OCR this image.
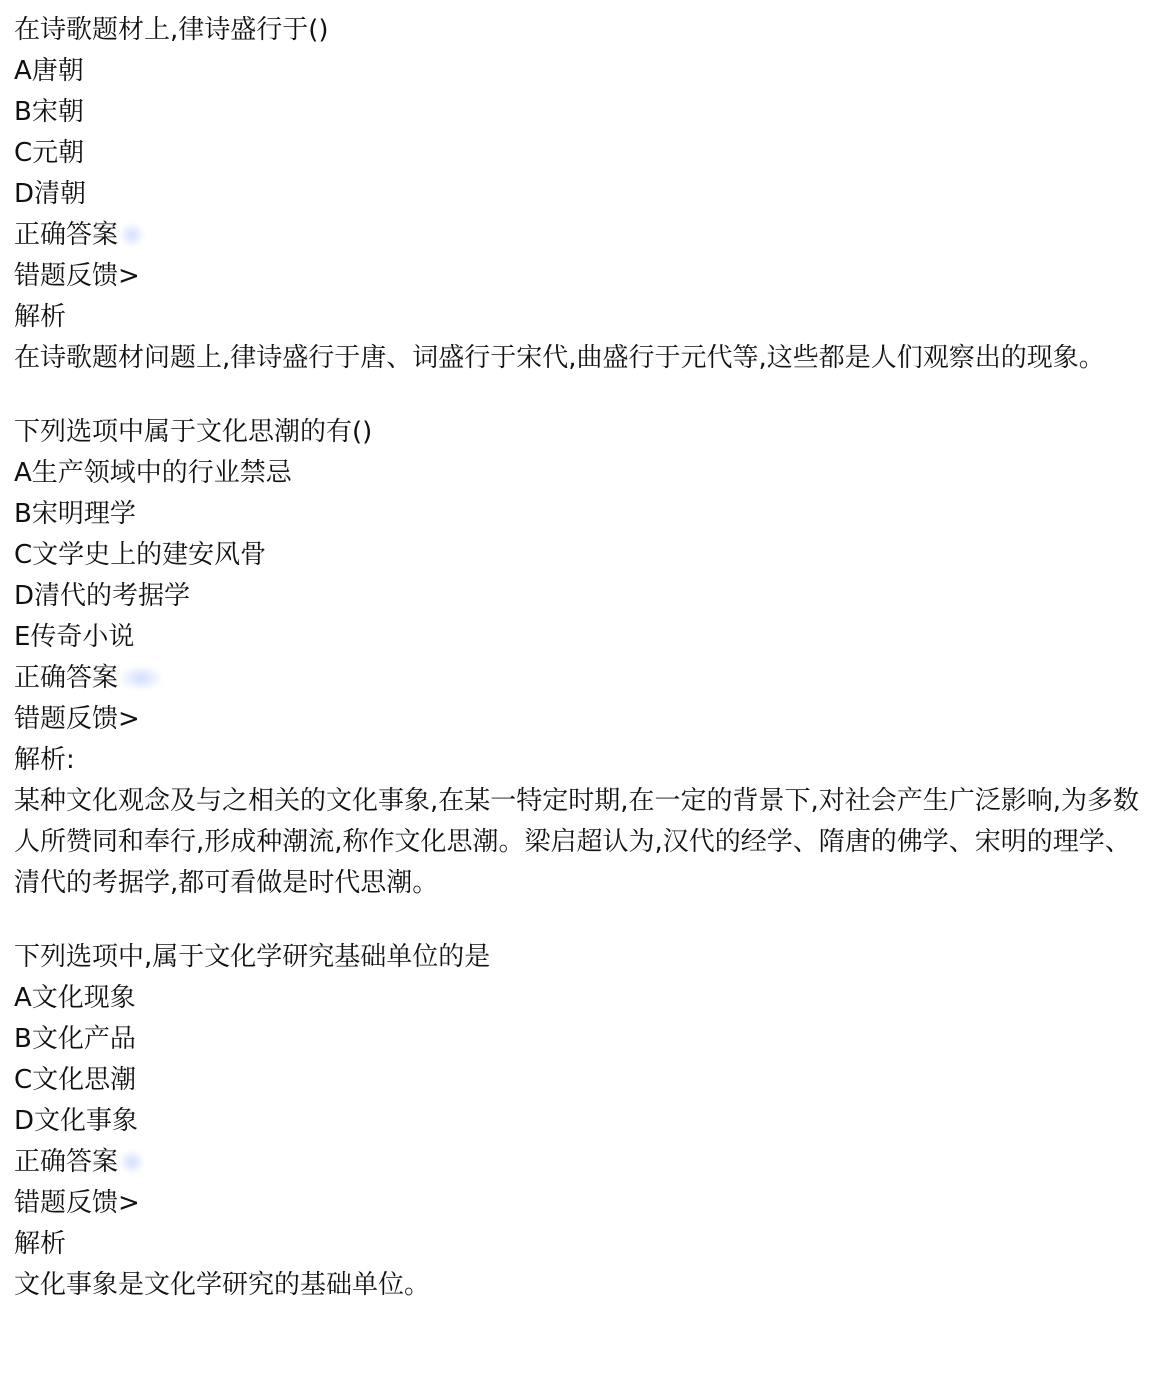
在诗歌题材上,律诗盛行于()
A唐朝
B宋朝
C元朝
D清朝
正确答案
错题反馈>
解析
在诗歌题材问题上,律诗盛行于唐、词盛行于宋代,曲盛行于元代等,这些都是人们观察出的现象。
下列选项中属于文化思潮的有()
A生产领域中的行业禁忌
B宋明理学
C文学史上的建安风骨
D清代的考据学
E传奇小说
正确答案
错题反馈>
解析:
某种文化观念及与之相关的文化事象,在某一特定时期,在一定的背景下,对社会产生广泛影响,为多数人所赞同和奉行,形成种潮流,称作文化思潮。梁启超认为,汉代的经学、隋唐的佛学、宋明的理学、清代的考据学,都可看做是时代思潮。
下列选项中,属于文化学研究基础单位的是
A文化现象
B文化产品
C文化思潮
D文化事象
正确答案
错题反馈>
解析
文化事象是文化学研究的基础单位。
